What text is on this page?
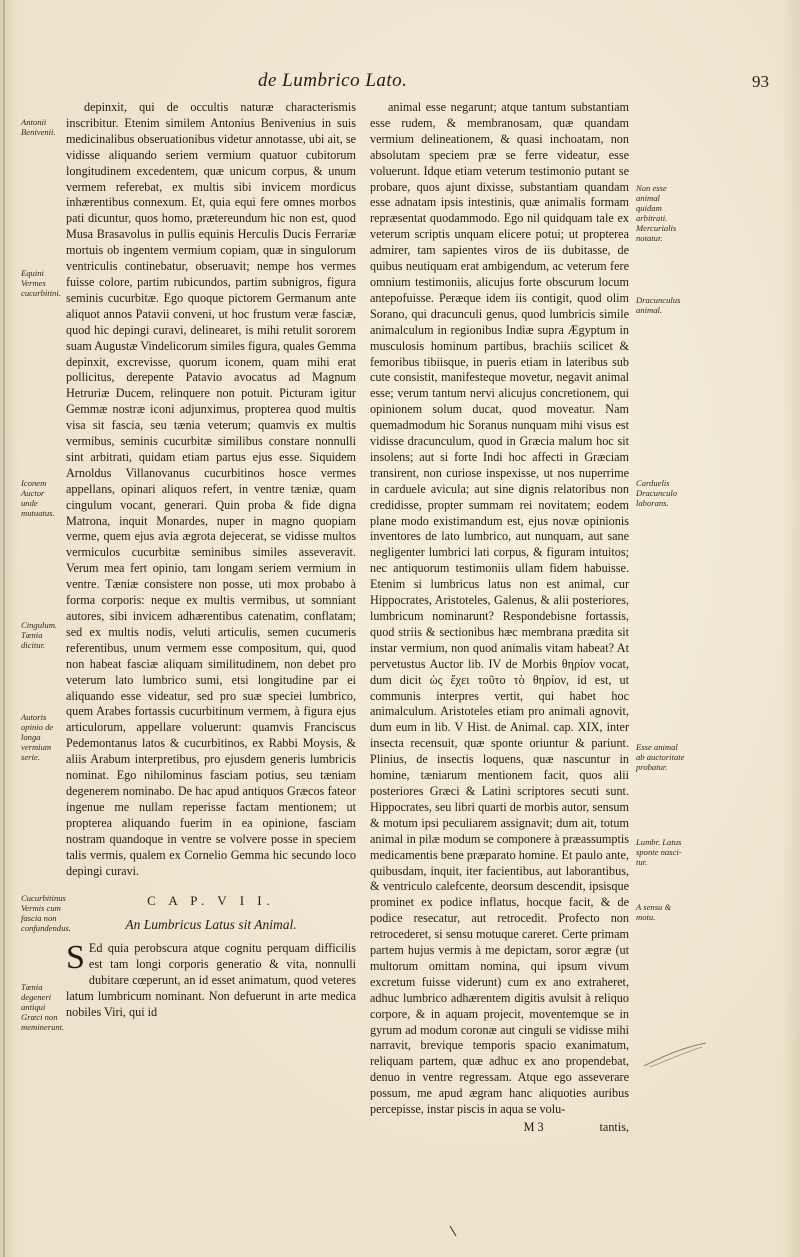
de Lumbrico Lato.	93
Antonii Benivenii.
Equini Vermes cucurbitini.
Iconem Auctor unde mutuatus.
Cingulum. Tænia dicitur.
Autoris opinio de longa vermium serie.
Cucurbitinus Vermis cum fascia non confundendus.
Tænia degeneri antiqui Græci non meminerunt.

depinxit, qui de occultis naturæ characterismis inscribitur. Etenim similem Antonius Benivenius in suis medicinalibus obseruationibus videtur annotasse, ubi ait, se vidisse aliquando seriem vermium quatuor cubitorum longitudinem excedentem, quæ unicum corpus, & unum vermem referebat, ex multis sibi invicem mordicus inhærentibus connexum. Et, quia equi fere omnes morbos pati dicuntur, quos homo, prætereundum hic non est, quod Musa Brasavolus in pullis equinis Herculis Ducis Ferrariæ mortuis ob ingentem vermium copiam, quæ in singulorum ventriculis continebatur, obseruavit; nempe hos vermes fuisse colore, partim rubicundos, partim subnigros, figura seminis cucurbitæ. Ego quoque pictorem Germanum ante aliquot annos Patavii conveni, ut hoc frustum veræ fasciæ, quod hic depingi curavi, delinearet, is mihi retulit sororem suam Augustæ Vindelicorum similes figura, quales Gemma depinxit, excrevisse, quorum iconem, quam mihi erat pollicitus, derepente Patavio avocatus ad Magnum Hetruriæ Ducem, relinquere non potuit. Picturam igitur Gemmæ nostræ iconi adjunximus, propterea quod multis visa sit fascia, seu tænia veterum; quamvis ex multis vermibus, seminis cucurbitæ similibus constare nonnulli sint arbitrati, quidam etiam partus ejus esse. Siquidem Arnoldus Villanovanus cucurbitinos hosce vermes appellans, opinari aliquos refert, in ventre tæniæ, quam cingulum vocant, generari. Quin proba & fide digna Matrona, inquit Monardes, nuper in magno quopiam verme, quem ejus avia ægrota dejecerat, se vidisse multos vermiculos cucurbitæ seminibus similes asseveravit. Verum mea fert opinio, tam longam seriem vermium in ventre. Tæniæ consistere non posse, uti mox probabo à forma corporis: neque ex multis vermibus, ut somniant autores, sibi invicem adhærentibus catenatim, conflatam; sed ex multis nodis, veluti articulis, semen cucumeris referentibus, unum vermem esse compositum, qui, quod non habeat fasciæ aliquam similitudinem, non debet pro veterum lato lumbrico sumi, etsi longitudine par ei aliquando esse videatur, sed pro suæ speciei lumbrico, quem Arabes fortassis cucurbitinum vermem, à figura ejus articulorum, appellare voluerunt: quamvis Franciscus Pedemontanus latos & cucurbitinos, ex Rabbi Moysis, & aliis Arabum interpretibus, pro ejusdem generis lumbricis nominat. Ego nihilominus fasciam potius, seu tæniam degenerem nominabo. De hac apud antiquos Græcos fateor ingenue me nullam reperisse factam mentionem; ut propterea aliquando fuerim in ea opinione, fasciam nostram quandoque in ventre se volvere posse in speciem talis vermis, qualem ex Cornelio Gemma hic secundo loco depingi curavi.

C A P. V I I.
An Lumbricus Latus sit Animal.

S Ed quia perobscura atque cognitu perquam difficilis est tam longi corporis generatio & vita, nonnulli dubitare cœperunt, an id esset animatum, quod veteres latum lumbricum nominant. Non defuerunt in arte medica nobiles Viri, qui id

animal esse negarunt; atque tantum substantiam esse rudem, & membranosam, quæ quandam vermium delineationem, & quasi inchoatam, non absolutam speciem præ se ferre videatur, esse voluerunt. Idque etiam veterum testimonio putant se probare, quos ajunt dixisse, substantiam quandam esse adnatam ipsis intestinis, quæ animalis formam repræsentat quodammodo. Ego nil quidquam tale ex veterum scriptis unquam elicere potui; ut propterea admirer, tam sapientes viros de iis dubitasse, de quibus neutiquam erat ambigendum, ac veterum fere omnium testimoniis, alicujus forte obscurum locum antepofuisse. Peræque idem iis contigit, quod olim Sorano, qui dracunculi genus, quod lumbricis simile animalculum in regionibus Indiæ supra Ægyptum in musculosis hominum partibus, brachiis scilicet & femoribus tibiisque, in pueris etiam in lateribus sub cute consistit, manifesteque movetur, negavit animal esse; verum tantum nervi alicujus concretionem, qui opinionem solum ducat, quod moveatur. Nam quemadmodum hic Soranus nunquam mihi visus est vidisse dracunculum, quod in Græcia malum hoc sit insolens; aut si forte Indi hoc affecti in Græciam transirent, non curiose inspexisse, ut nos nuperrime in carduele avicula; aut sine dignis relatoribus non credidisse, propter summam rei novitatem; eodem plane modo existimandum est, ejus novæ opinionis inventores de lato lumbrico, aut nunquam, aut sane negligenter lumbrici lati corpus, & figuram intuitos; nec antiquorum testimoniis ullam fidem habuisse. Etenim si lumbricus latus non est animal, cur Hippocrates, Aristoteles, Galenus, & alii posteriores, lumbricum nominarunt? Respondebisne fortassis, quod striis & sectionibus hæc membrana prædita sit instar vermium, non quod animalis vitam habeat? At pervetustus Auctor lib. IV de Morbis θηρίον vocat, dum dicit ὡς ἔχει τοῦτο τὸ θηρίον, id est, ut communis interpres vertit, qui habet hoc animalculum. Aristoteles etiam pro animali agnovit, dum eum in lib. V Hist. de Animal. cap. XIX, inter insecta recensuit, quæ sponte oriuntur & pariunt. Plinius, de insectis loquens, quæ nascuntur in homine, tæniarum mentionem facit, quos alii posteriores Græci & Latini scriptores secuti sunt. Hippocrates, seu libri quarti de morbis autor, sensum & motum ipsi peculiarem assignavit; dum ait, totum animal in pilæ modum se componere à præassumptis medicamentis bene præparato homine. Et paulo ante, quibusdam, inquit, iter facientibus, aut laborantibus, & ventriculo calefcente, deorsum descendit, ipsisque prominet ex podice inflatus, hocque facit, & de podice resecatur, aut retrocedit. Profecto non retrocederet, si sensu motuque careret. Certe primam partem hujus vermis à me depictam, soror ægræ (ut multorum omittam nomina, qui ipsum vivum excretum fuisse viderunt) cum ex ano extraheret, adhuc lumbrico adhærentem digitis avulsit à reliquo corpore, & in aquam projecit, moventemque se in gyrum ad modum coronæ aut cinguli se vidisse mihi narravit, brevique temporis spacio exanimatum, reliquam partem, quæ adhuc ex ano propendebat, denuo in ventre regressam. Atque ego asseverare possum, me apud ægram hanc aliquoties auribus percepisse, instar piscis in aqua se volu-

M 3	tantis,
Non esse animal quidam arbitrati. Mercurialis notatur.
Dracunculus animal.
Carduelis Dracunculo laborans.
Esse animal ab auctoritate probatur.
Lumbr. Latus sponte nasci-tur.
A sensu & motu.
